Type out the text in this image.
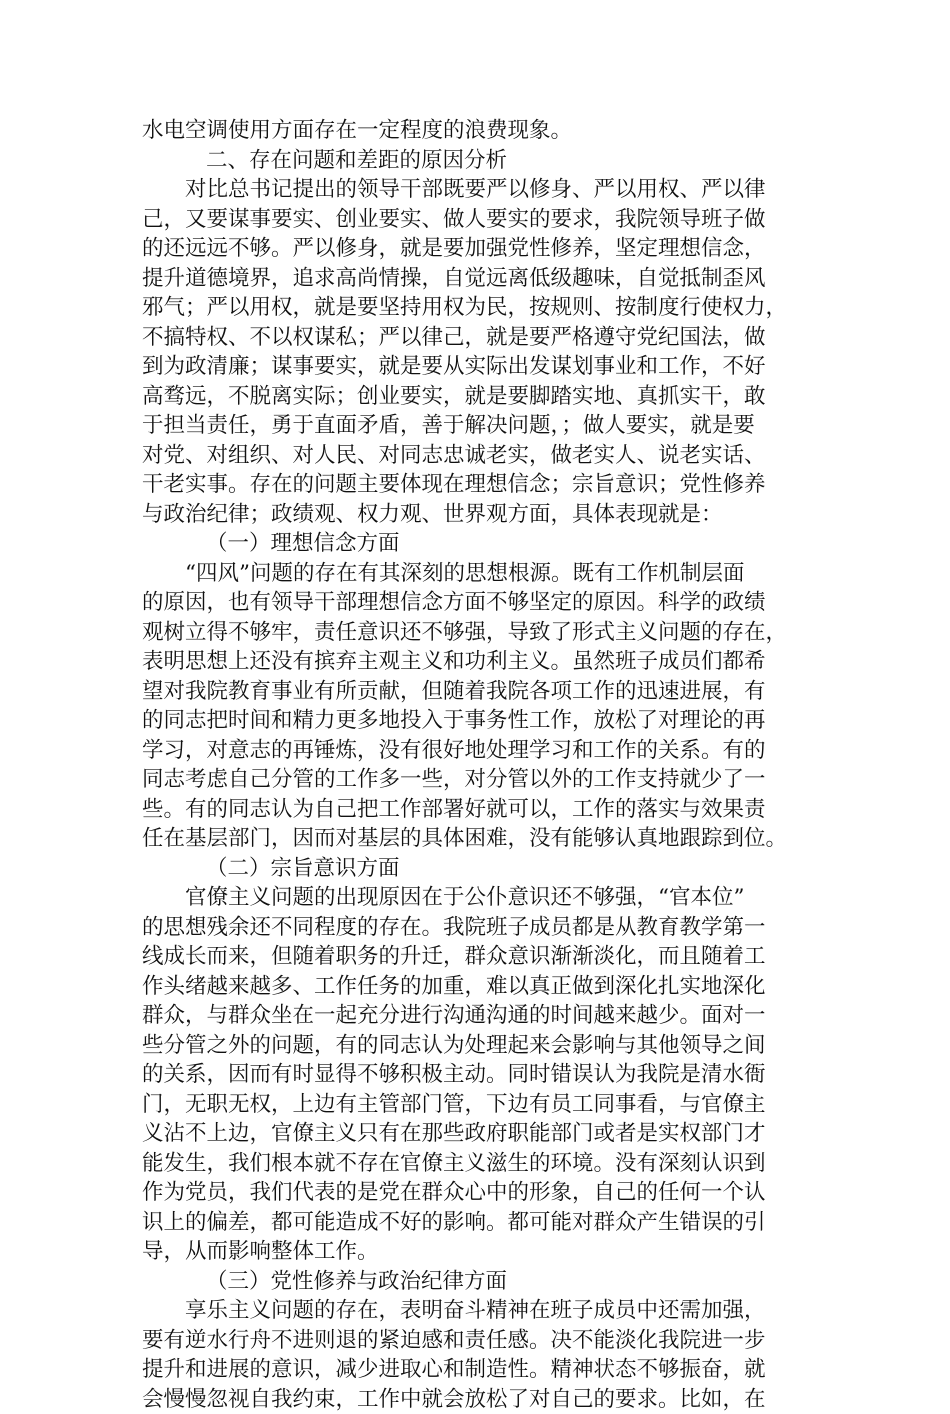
水电空调使用方面存在一定程度的浪费现象。
二、存在问题和差距的原因分析
对比总书记提出的领导干部既要严以修身、严以用权、严以律
己，又要谋事要实、创业要实、做人要实的要求，我院领导班子做
的还远远不够。严以修身，就是要加强党性修养，坚定理想信念，
提升道德境界，追求高尚情操，自觉远离低级趣味，自觉抵制歪风
邪气；严以用权，就是要坚持用权为民，按规则、按制度行使权力，
不搞特权、不以权谋私；严以律己，就是要严格遵守党纪国法，做
到为政清廉；谋事要实，就是要从实际出发谋划事业和工作，不好
高骛远，不脱离实际；创业要实，就是要脚踏实地、真抓实干，敢
于担当责任，勇于直面矛盾，善于解决问题，；做人要实，就是要
对党、对组织、对人民、对同志忠诚老实，做老实人、说老实话、
干老实事。存在的问题主要体现在理想信念；宗旨意识；党性修养
与政治纪律；政绩观、权力观、世界观方面，具体表现就是：
（一）理想信念方面
“四风”问题的存在有其深刻的思想根源。既有工作机制层面
的原因，也有领导干部理想信念方面不够坚定的原因。科学的政绩
观树立得不够牢，责任意识还不够强，导致了形式主义问题的存在，
表明思想上还没有摈弃主观主义和功利主义。虽然班子成员们都希
望对我院教育事业有所贡献，但随着我院各项工作的迅速进展，有
的同志把时间和精力更多地投入于事务性工作，放松了对理论的再
学习，对意志的再锤炼，没有很好地处理学习和工作的关系。有的
同志考虑自己分管的工作多一些，对分管以外的工作支持就少了一
些。有的同志认为自己把工作部署好就可以，工作的落实与效果责
任在基层部门，因而对基层的具体困难，没有能够认真地跟踪到位。
（二）宗旨意识方面
官僚主义问题的出现原因在于公仆意识还不够强，“官本位”
的思想残余还不同程度的存在。我院班子成员都是从教育教学第一
线成长而来，但随着职务的升迁，群众意识渐渐淡化，而且随着工
作头绪越来越多、工作任务的加重，难以真正做到深化扎实地深化
群众，与群众坐在一起充分进行沟通沟通的时间越来越少。面对一
些分管之外的问题，有的同志认为处理起来会影响与其他领导之间
的关系，因而有时显得不够积极主动。同时错误认为我院是清水衙
门，无职无权，上边有主管部门管，下边有员工同事看，与官僚主
义沾不上边，官僚主义只有在那些政府职能部门或者是实权部门才
能发生，我们根本就不存在官僚主义滋生的环境。没有深刻认识到
作为党员，我们代表的是党在群众心中的形象，自己的任何一个认
识上的偏差，都可能造成不好的影响。都可能对群众产生错误的引
导，从而影响整体工作。
（三）党性修养与政治纪律方面
享乐主义问题的存在，表明奋斗精神在班子成员中还需加强，
要有逆水行舟不进则退的紧迫感和责任感。决不能淡化我院进一步
提升和进展的意识，减少进取心和制造性。精神状态不够振奋，就
会慢慢忽视自我约束，工作中就会放松了对自己的要求。比如，在
